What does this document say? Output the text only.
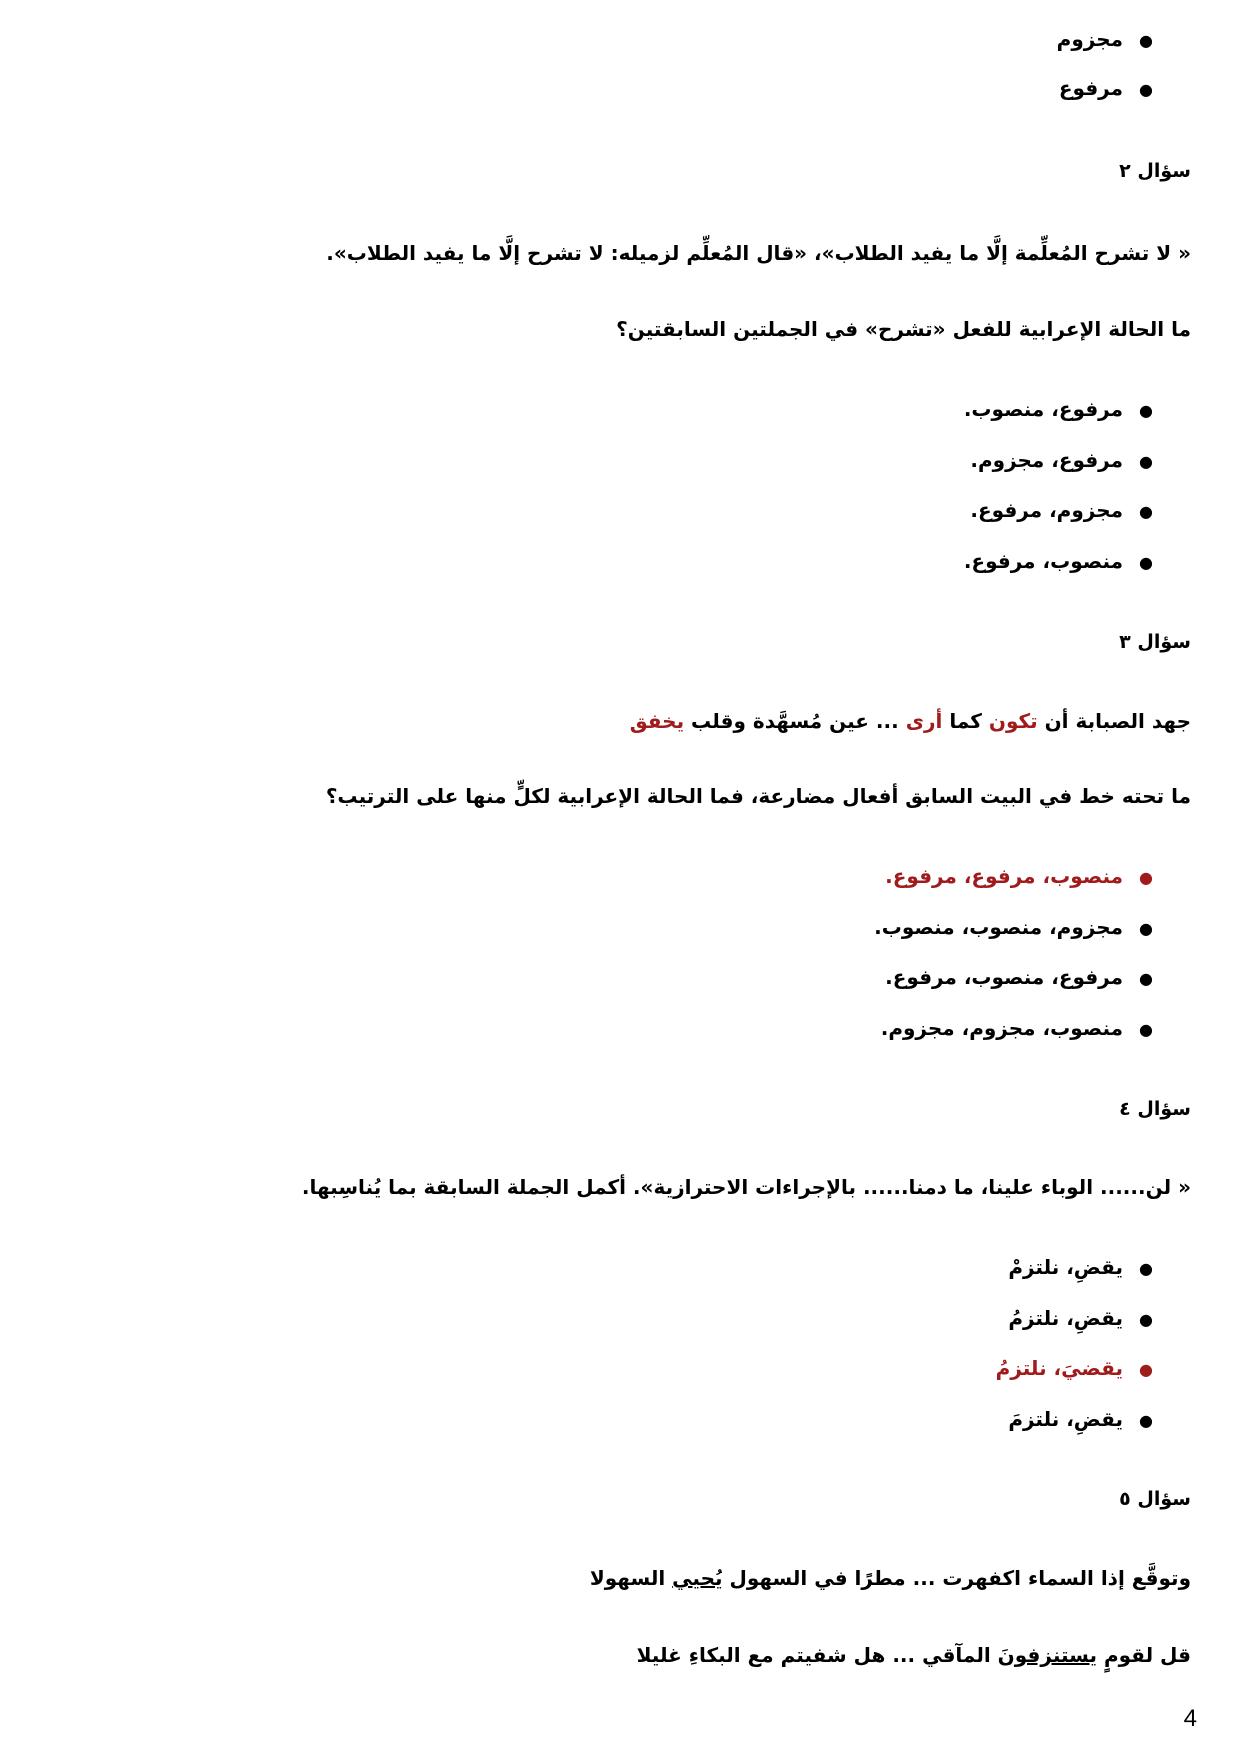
●مجزوم
●مرفوع
سؤال ٢
« لا تشرح المُعلِّمة إلَّا ما يفيد الطلاب»، «قال المُعلِّم لزميله: لا تشرح إلَّا ما يفيد الطلاب».
ما الحالة الإعرابية للفعل «تشرح» في الجملتين السابقتين؟
●مرفوع، منصوب.
●مرفوع، مجزوم.
●مجزوم، مرفوع.
●منصوب، مرفوع.
سؤال ٣
جهد الصبابة أن تكون كما أرى ... عين مُسهَّدة وقلب يخفق
ما تحته خط في البيت السابق أفعال مضارعة، فما الحالة الإعرابية لكلٍّ منها على الترتيب؟
●منصوب، مرفوع، مرفوع.
●مجزوم، منصوب، منصوب.
●مرفوع، منصوب، مرفوع.
●منصوب، مجزوم، مجزوم.
سؤال ٤
« لن...... الوباء علينا، ما دمنا...... بالإجراءات الاحترازية». أكمل الجملة السابقة بما يُناسِبها.
●يقضِ، نلتزمْ
●يقضِ، نلتزمُ
●يقضيَ، نلتزمُ
●يقضِ، نلتزمَ
سؤال ٥
وتوقَّع إذا السماء اكفهرت ... مطرًا في السهول يُحيي السهولا
قل لقومٍ يستنزفونَ المآقي ... هل شفيتم مع البكاءِ غليلا
4
